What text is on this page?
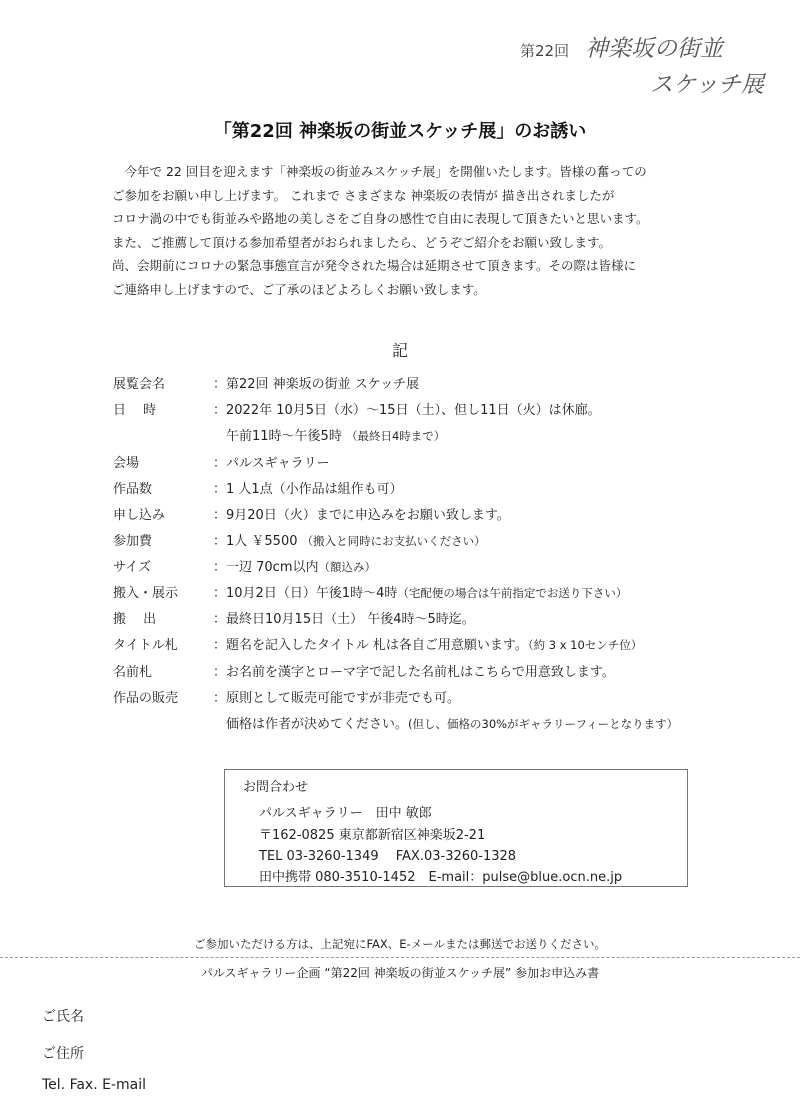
第22回 神楽坂の街並
スケッチ展
「第22回 神楽坂の街並スケッチ展」のお誘い
今年で 22 回目を迎えます「神楽坂の街並みスケッチ展」を開催いたします。皆様の奮っての
ご参加をお願い申し上げます。 これまで さまざまな 神楽坂の表情が 描き出されましたが
コロナ渦の中でも街並みや路地の美しさをご自身の感性で自由に表現して頂きたいと思います。
また、ご推薦して頂ける参加希望者がおられましたら、どうぞご紹介をお願い致します。
尚、会期前にコロナの緊急事態宣言が発令された場合は延期させて頂きます。その際は皆様に
ご連絡申し上げますので、ご了承のほどよろしくお願い致します。
記
展覧会名	：第22回 神楽坂の街並 スケッチ展
日　 時	：2022年 10月5日（水）～15日（土）、但し11日（火）は休廊。
　午前11時～午後5時 （最終日4時まで）
会場	：パルスギャラリー
作品数	：1 人1点（小作品は組作も可）
申し込み	：9月20日（火）までに申込みをお願い致します。
参加費	：1人 ￥5500 （搬入と同時にお支払いください）
サイズ	：一辺 70cm以内（額込み）
搬入・展示	：10月2日（日）午後1時～4時（宅配便の場合は午前指定でお送り下さい）
搬　 出	：最終日10月15日（土） 午後4時～5時迄。
タイトル札	：題名を記入したタイトル 札は各自ご用意願います。（約 3 x 10センチ位）
名前札	：お名前を漢字とローマ字で記した名前札はこちらで用意致します。
作品の販売	：原則として販売可能ですが非売でも可。
　価格は作者が決めてください。(但し、価格の30%がギャラリーフィーとなります）
お問合わせ
パルスギャラリー　田中 敏郎
〒162-0825 東京都新宿区神楽坂2-21
TEL 03-3260-1349　 FAX.03-3260-1328
田中携帯 080-3510-1452　E-mail：pulse@blue.ocn.ne.jp
ご参加いただける方は、上記宛にFAX、E-メールまたは郵送でお送りください。
パルスギャラリー企画 “第22回 神楽坂の街並スケッチ展” 参加お申込み書
ご氏名
ご住所
Tel. Fax. E-mail
